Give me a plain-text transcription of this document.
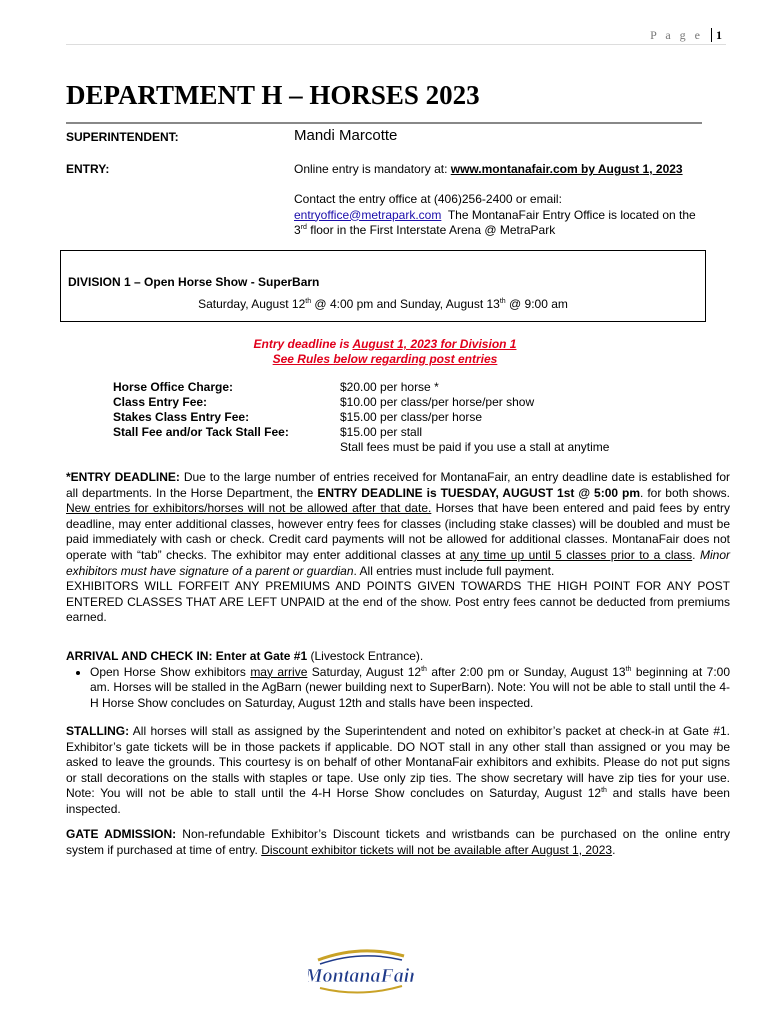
P a g e 1
DEPARTMENT H – HORSES 2023
SUPERINTENDENT:	Mandi Marcotte
ENTRY:	Online entry is mandatory at: www.montanafair.com by August 1, 2023
Contact the entry office at (406)256-2400 or email:
entryoffice@metrapark.com The MontanaFair Entry Office is located on the
3rd floor in the First Interstate Arena @ MetraPark
DIVISION 1 – Open Horse Show - SuperBarn
Saturday, August 12th @ 4:00 pm and Sunday, August 13th @ 9:00 am
Entry deadline is August 1, 2023 for Division 1
See Rules below regarding post entries
Horse Office Charge:	$20.00 per horse *
Class Entry Fee:	$10.00 per class/per horse/per show
Stakes Class Entry Fee:	$15.00 per class/per horse
Stall Fee and/or Tack Stall Fee:	$15.00 per stall
	Stall fees must be paid if you use a stall at anytime

*ENTRY DEADLINE: Due to the large number of entries received for MontanaFair, an entry deadline date is established for all departments. In the Horse Department, the ENTRY DEADLINE is TUESDAY, AUGUST 1st @ 5:00 pm. for both shows. New entries for exhibitors/horses will not be allowed after that date. Horses that have been entered and paid fees by entry deadline, may enter additional classes, however entry fees for classes (including stake classes) will be doubled and must be paid immediately with cash or check. Credit card payments will not be allowed for additional classes. MontanaFair does not operate with “tab” checks. The exhibitor may enter additional classes at any time up until 5 classes prior to a class. Minor exhibitors must have signature of a parent or guardian. All entries must include full payment.

EXHIBITORS WILL FORFEIT ANY PREMIUMS AND POINTS GIVEN TOWARDS THE HIGH POINT FOR ANY POST ENTERED CLASSES THAT ARE LEFT UNPAID at the end of the show. Post entry fees cannot be deducted from premiums earned.

ARRIVAL AND CHECK IN: Enter at Gate #1 (Livestock Entrance).

• Open Horse Show exhibitors may arrive Saturday, August 12th after 2:00 pm or Sunday, August 13th beginning at 7:00 am. Horses will be stalled in the AgBarn (newer building next to SuperBarn). Note: You will not be able to stall until the 4-H Horse Show concludes on Saturday, August 12th and stalls have been inspected.

STALLING: All horses will stall as assigned by the Superintendent and noted on exhibitor’s packet at check-in at Gate #1. Exhibitor’s gate tickets will be in those packets if applicable. DO NOT stall in any other stall than assigned or you may be asked to leave the grounds. This courtesy is on behalf of other MontanaFair exhibitors and exhibits. Please do not put signs or stall decorations on the stalls with staples or tape. Use only zip ties. The show secretary will have zip ties for your use. Note: You will not be able to stall until the 4-H Horse Show concludes on Saturday, August 12th and stalls have been inspected.

GATE ADMISSION: Non-refundable Exhibitor’s Discount tickets and wristbands can be purchased on the online entry system if purchased at time of entry. Discount exhibitor tickets will not be available after August 1, 2023.

MontanaFair
